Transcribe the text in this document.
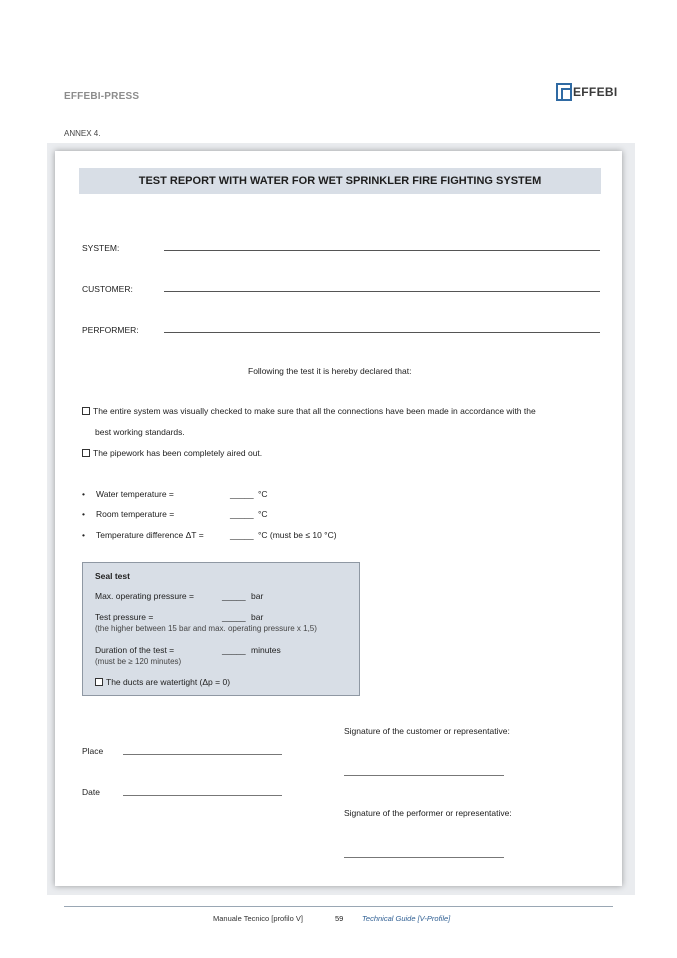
EFFEBI-PRESS	EFFEBI
ANNEX 4.
TEST REPORT WITH WATER FOR WET SPRINKLER FIRE FIGHTING SYSTEM
SYSTEM:
CUSTOMER:
PERFORMER:
Following the test it is hereby declared that:
The entire system was visually checked to make sure that all the connections have been made in accordance with the
best working standards.
The pipework has been completely aired out.
• Water temperature =	_____ °C
• Room temperature =	_____ °C
• Temperature difference ΔT =	_____ °C (must be ≤ 10 °C)
Seal test
Max. operating pressure =	_____ bar
Test pressure =	_____ bar
(the higher between 15 bar and max. operating pressure x 1,5)
Duration of the test =	_____ minutes
(must be ≥ 120 minutes)
The ducts are watertight (Δp = 0)
Signature of the customer or representative:
Place
Date
Signature of the performer or representative:
Manuale Tecnico [profilo V]	59 Technical Guide [V-Profile]
